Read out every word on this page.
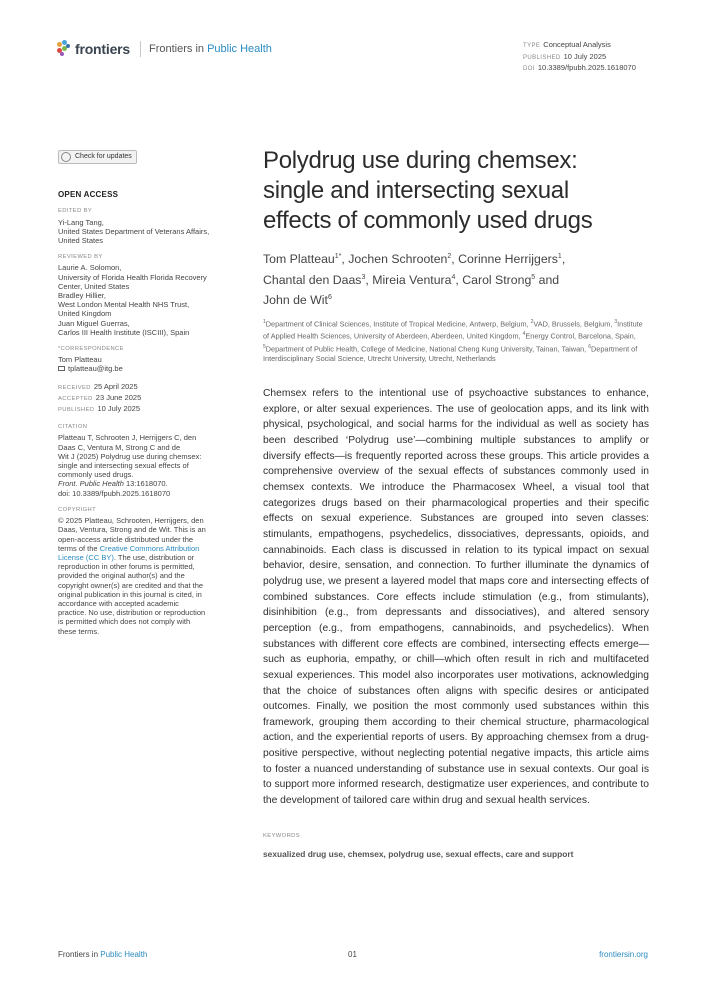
frontiers Frontiers in Public Health	TYPE Conceptual Analysis
PUBLISHED 10 July 2025
DOI 10.3389/fpubh.2025.1618070
Check for updates
OPEN ACCESS
EDITED BY
Yi-Lang Tang,
United States Department of Veterans Affairs,
United States
REVIEWED BY
Laurie A. Solomon,
University of Florida Health Florida Recovery
Center, United States
Bradley Hillier,
West London Mental Health NHS Trust,
United Kingdom
Juan Miguel Guerras,
Carlos III Health Institute (ISCIII), Spain
*CORRESPONDENCE
Tom Platteau
tplatteau@itg.be
RECEIVED 25 April 2025
ACCEPTED 23 June 2025
PUBLISHED 10 July 2025
CITATION
Platteau T, Schrooten J, Herrijgers C, den
Daas C, Ventura M, Strong C and de
Wit J (2025) Polydrug use during chemsex:
single and intersecting sexual effects of
commonly used drugs.
Front. Public Health 13:1618070.
doi: 10.3389/fpubh.2025.1618070
COPYRIGHT
© 2025 Platteau, Schrooten, Herrijgers, den
Daas, Ventura, Strong and de Wit. This is an
open-access article distributed under the
terms of the Creative Commons Attribution
License (CC BY). The use, distribution or
reproduction in other forums is permitted,
provided the original author(s) and the
copyright owner(s) are credited and that the
original publication in this journal is cited, in
accordance with accepted academic
practice. No use, distribution or reproduction
is permitted which does not comply with
these terms.
Polydrug use during chemsex:
single and intersecting sexual
effects of commonly used drugs
Tom Platteau$^{1*}$, Jochen Schrooten$^2$, Corinne Herrijgers$^1$,
Chantal den Daas$^3$, Mireia Ventura$^4$, Carol Strong$^5$ and
John de Wit$^6$
$^1$Department of Clinical Sciences, Institute of Tropical Medicine, Antwerp, Belgium, $^2$VAD, Brussels, Belgium, $^3$Institute of Applied Health Sciences, University of Aberdeen, Aberdeen, United Kingdom, $^4$Energy Control, Barcelona, Spain, $^5$Department of Public Health, College of Medicine, National Cheng Kung University, Tainan, Taiwan, $^6$Department of Interdisciplinary Social Science, Utrecht University, Utrecht, Netherlands

Chemsex refers to the intentional use of psychoactive substances to enhance, explore, or alter sexual experiences. The use of geolocation apps, and its link with physical, psychological, and social harms for the individual as well as society has been described ‘Polydrug use’—combining multiple substances to amplify or diversify effects—is frequently reported across these groups. This article provides a comprehensive overview of the sexual effects of substances commonly used in chemsex contexts. We introduce the Pharmacosex Wheel, a visual tool that categorizes drugs based on their pharmacological properties and their specific effects on sexual experience. Substances are grouped into seven classes: stimulants, empathogens, psychedelics, dissociatives, depressants, opioids, and cannabinoids. Each class is discussed in relation to its typical impact on sexual behavior, desire, sensation, and connection. To further illuminate the dynamics of polydrug use, we present a layered model that maps core and intersecting effects of combined substances. Core effects include stimulation (e.g., from stimulants), disinhibition (e.g., from depressants and dissociatives), and altered sensory perception (e.g., from empathogens, cannabinoids, and psychedelics). When substances with different core effects are combined, intersecting effects emerge—such as euphoria, empathy, or chill—which often result in rich and multifaceted sexual experiences. This model also incorporates user motivations, acknowledging that the choice of substances often aligns with specific desires or anticipated outcomes. Finally, we position the most commonly used substances within this framework, grouping them according to their chemical structure, pharmacological action, and the experiential reports of users. By approaching chemsex from a drug-positive perspective, without neglecting potential negative impacts, this article aims to foster a nuanced understanding of substance use in sexual contexts. Our goal is to support more informed research, destigmatize user experiences, and contribute to the development of tailored care within drug and sexual health services.

KEYWORDS
sexualized drug use, chemsex, polydrug use, sexual effects, care and support
Frontiers in Public Health	01	frontiersin.org
